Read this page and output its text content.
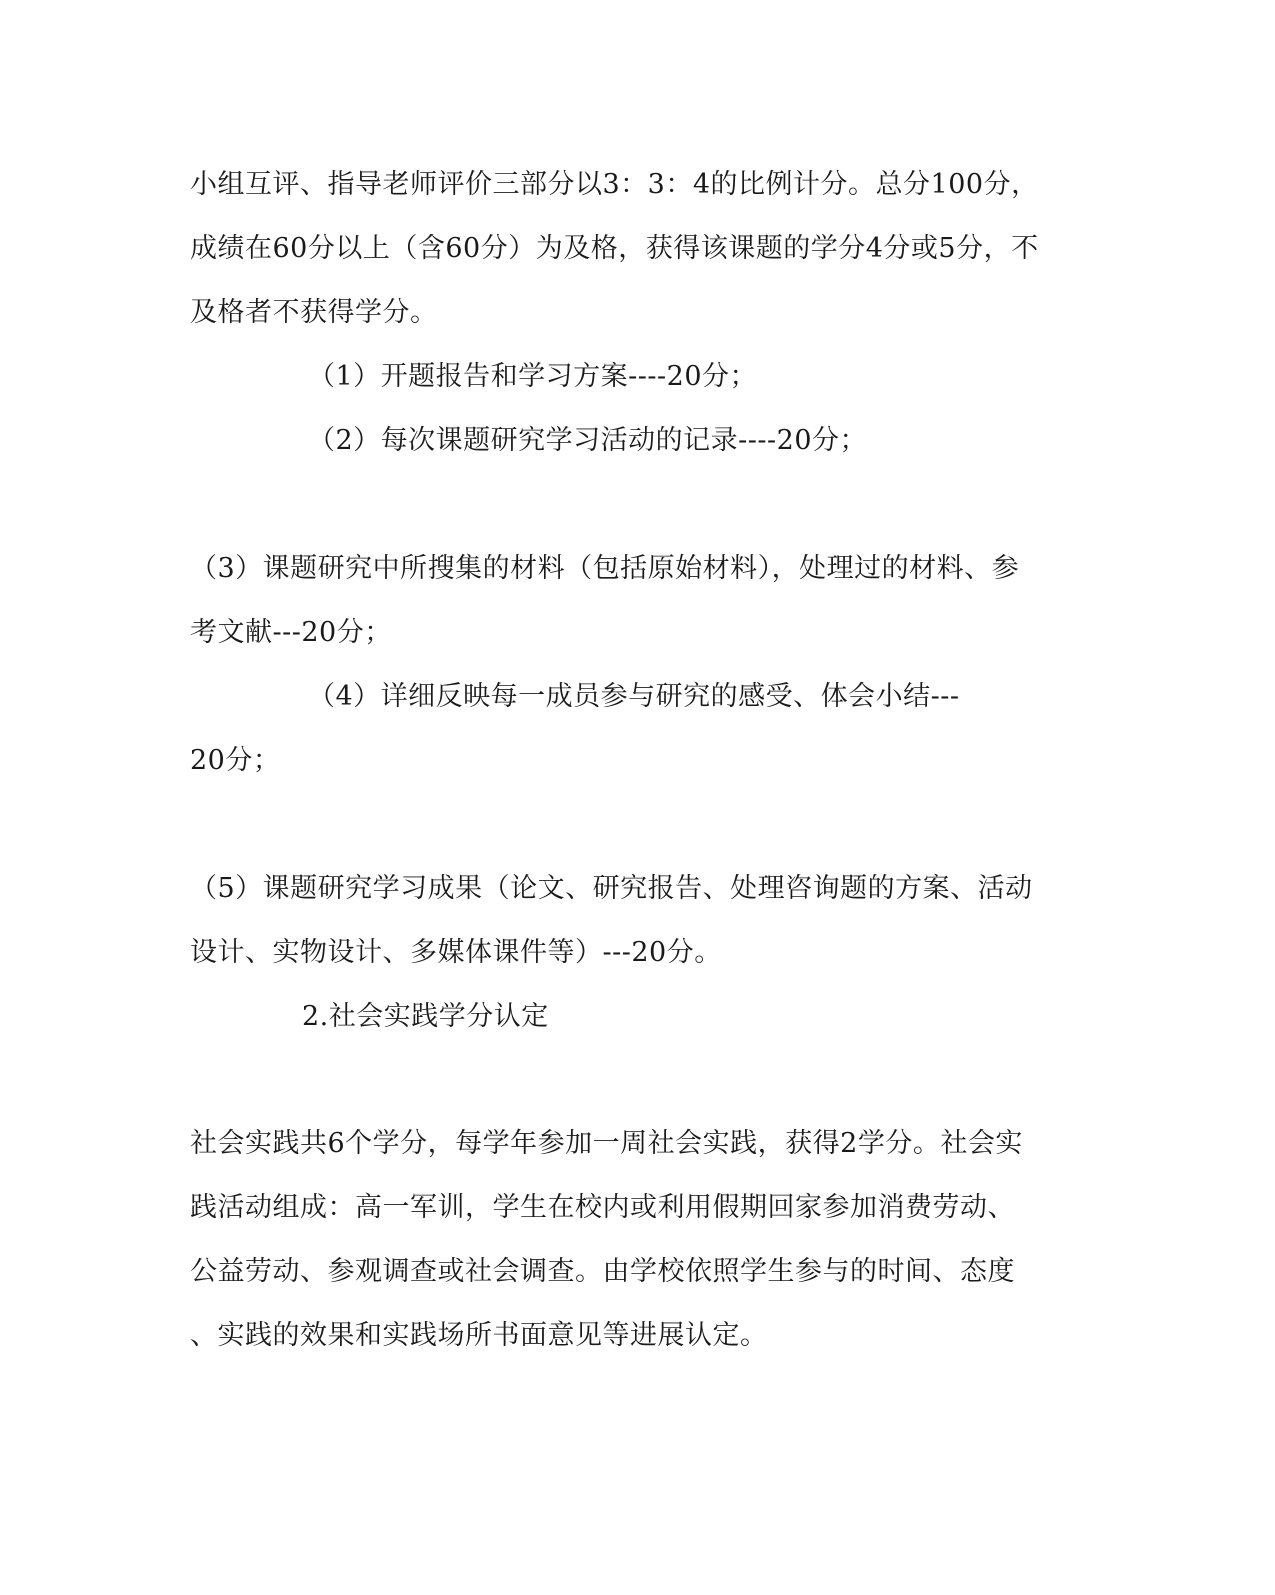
小组互评、指导老师评价三部分以3：3：4的比例计分。总分100分，
成绩在60分以上（含60分）为及格，获得该课题的学分4分或5分，不
及格者不获得学分。
（1）开题报告和学习方案----20分；
（2）每次课题研究学习活动的记录----20分；
（3）课题研究中所搜集的材料（包括原始材料），处理过的材料、参
考文献---20分；
（4）详细反映每一成员参与研究的感受、体会小结---
20分；
（5）课题研究学习成果（论文、研究报告、处理咨询题的方案、活动
设计、实物设计、多媒体课件等）---20分。
2.社会实践学分认定
社会实践共6个学分，每学年参加一周社会实践，获得2学分。社会实
践活动组成：高一军训，学生在校内或利用假期回家参加消费劳动、
公益劳动、参观调查或社会调查。由学校依照学生参与的时间、态度
、实践的效果和实践场所书面意见等进展认定。
